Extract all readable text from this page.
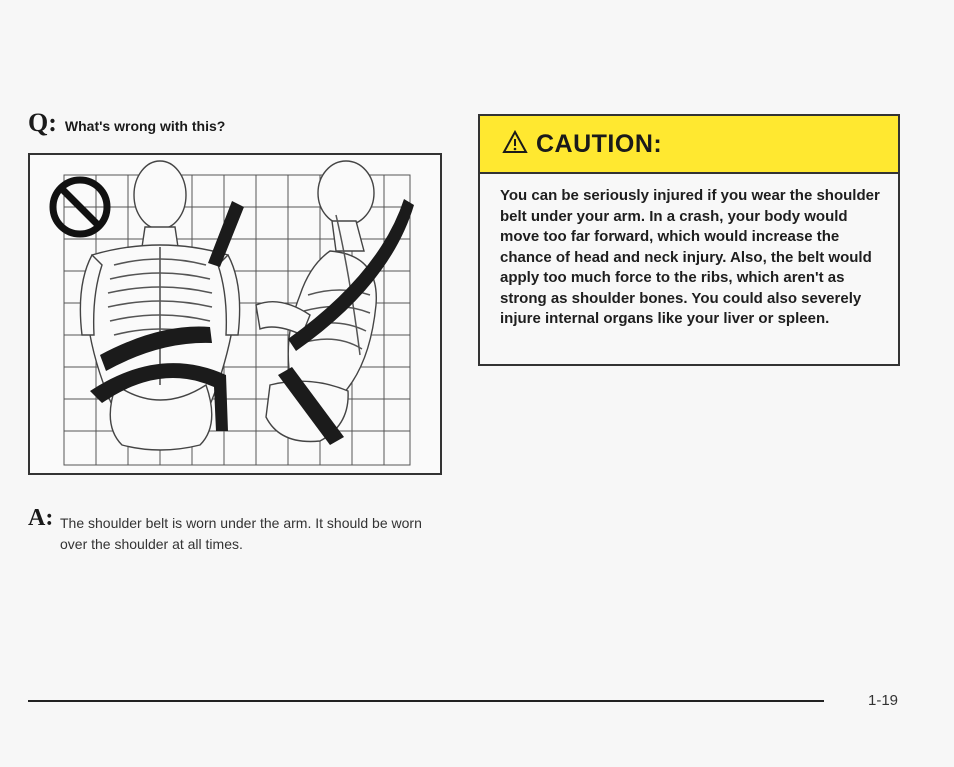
Q: What's wrong with this?
A: The shoulder belt is worn under the arm. It should be worn over the shoulder at all times.
CAUTION:
You can be seriously injured if you wear the shoulder belt under your arm. In a crash, your body would move too far forward, which would increase the chance of head and neck injury. Also, the belt would apply too much force to the ribs, which aren't as strong as shoulder bones. You could also severely injure internal organs like your liver or spleen.
1-19
